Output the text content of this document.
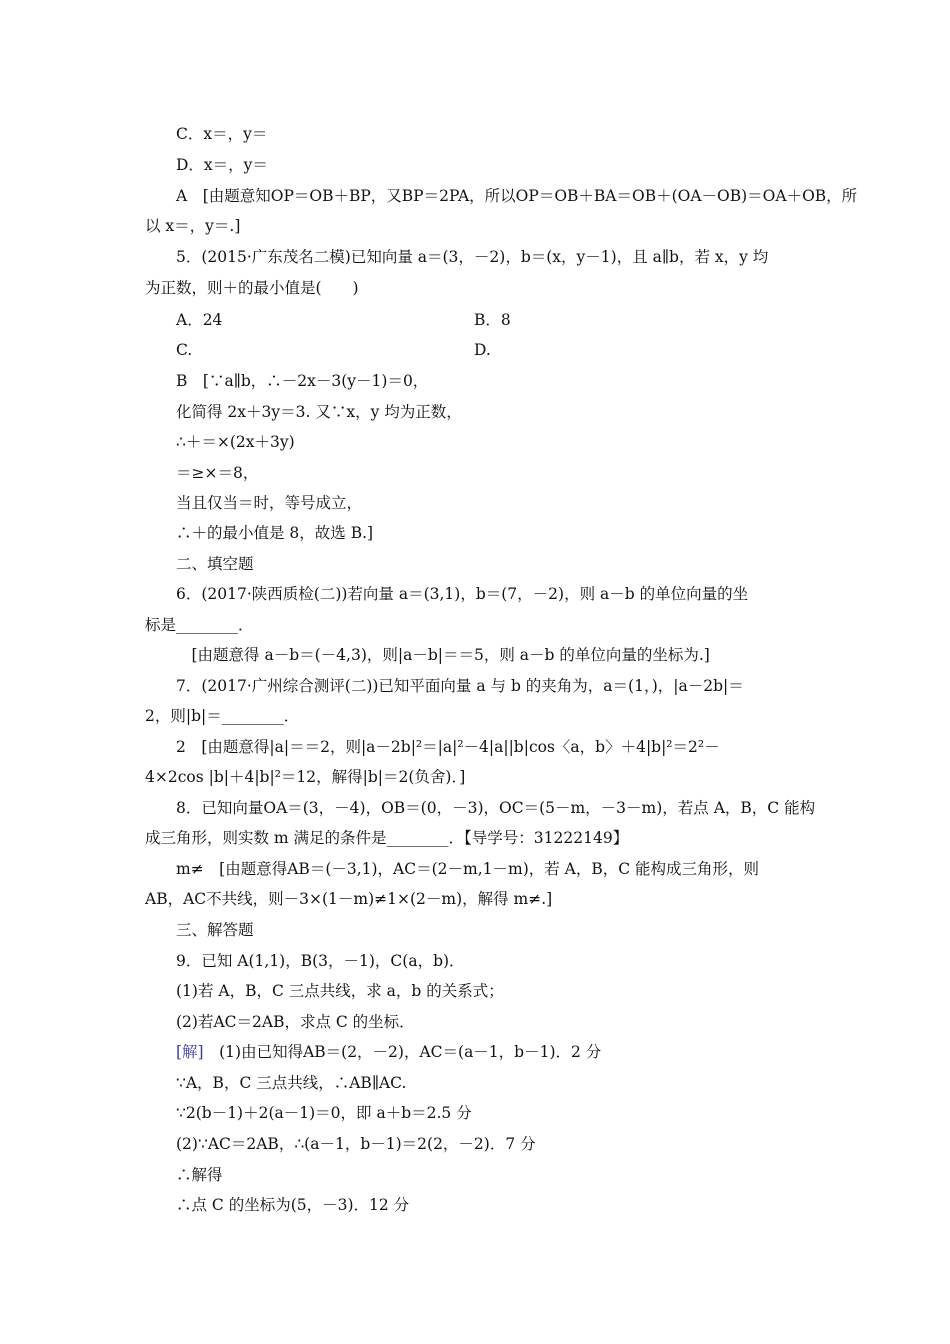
C．x＝，y＝
D．x＝，y＝
A　[由题意知OP＝OB＋BP，又BP＝2PA，所以OP＝OB＋BA＝OB＋(OA－OB)＝OA＋OB，所
以 x＝，y＝.]
5．(2015·广东茂名二模)已知向量 a＝(3，－2)，b＝(x，y－1)，且 a∥b，若 x，y 均
为正数，则＋的最小值是(　　)
B　[∵a∥b，∴－2x－3(y－1)＝0，
化简得 2x＋3y＝3. 又∵x，y 均为正数，
∴＋＝×(2x＋3y)
＝≥×＝8，
当且仅当＝时，等号成立，
∴＋的最小值是 8，故选 B.]
二、填空题
6．(2017·陕西质检(二))若向量 a＝(3,1)，b＝(7，－2)，则 a－b 的单位向量的坐
标是________．
　[由题意得 a－b＝(－4,3)，则|a－b|＝＝5，则 a－b 的单位向量的坐标为.]
7．(2017·广州综合测评(二))已知平面向量 a 与 b 的夹角为，a＝(1，)，|a－2b|＝
2，则|b|＝________．
2　[由题意得|a|＝＝2，则|a－2b|²＝|a|²－4|a||b|cos〈a，b〉＋4|b|²＝2²－
4×2cos |b|＋4|b|²＝12，解得|b|＝2(负舍)．]
8．已知向量OA＝(3，－4)，OB＝(0，－3)，OC＝(5－m，－3－m)，若点 A，B，C 能构
成三角形，则实数 m 满足的条件是________．【导学号：31222149】
m≠　[由题意得AB＝(－3,1)，AC＝(2－m,1－m)，若 A，B，C 能构成三角形，则
AB，AC不共线，则－3×(1－m)≠1×(2－m)，解得 m≠.]
三、解答题
9．已知 A(1,1)，B(3，－1)，C(a，b)．
(1)若 A，B，C 三点共线，求 a，b 的关系式；
(2)若AC＝2AB，求点 C 的坐标．
∵A，B，C 三点共线，∴AB∥AC.
∵2(b－1)＋2(a－1)＝0，即 a＋b＝2.5 分
(2)∵AC＝2AB，∴(a－1，b－1)＝2(2，－2)．7 分
∴解得
∴点 C 的坐标为(5，－3)．12 分
A．24	B．8
C.	D.
[解]　(1)由已知得AB＝(2，－2)，AC＝(a－1，b－1)．2 分
